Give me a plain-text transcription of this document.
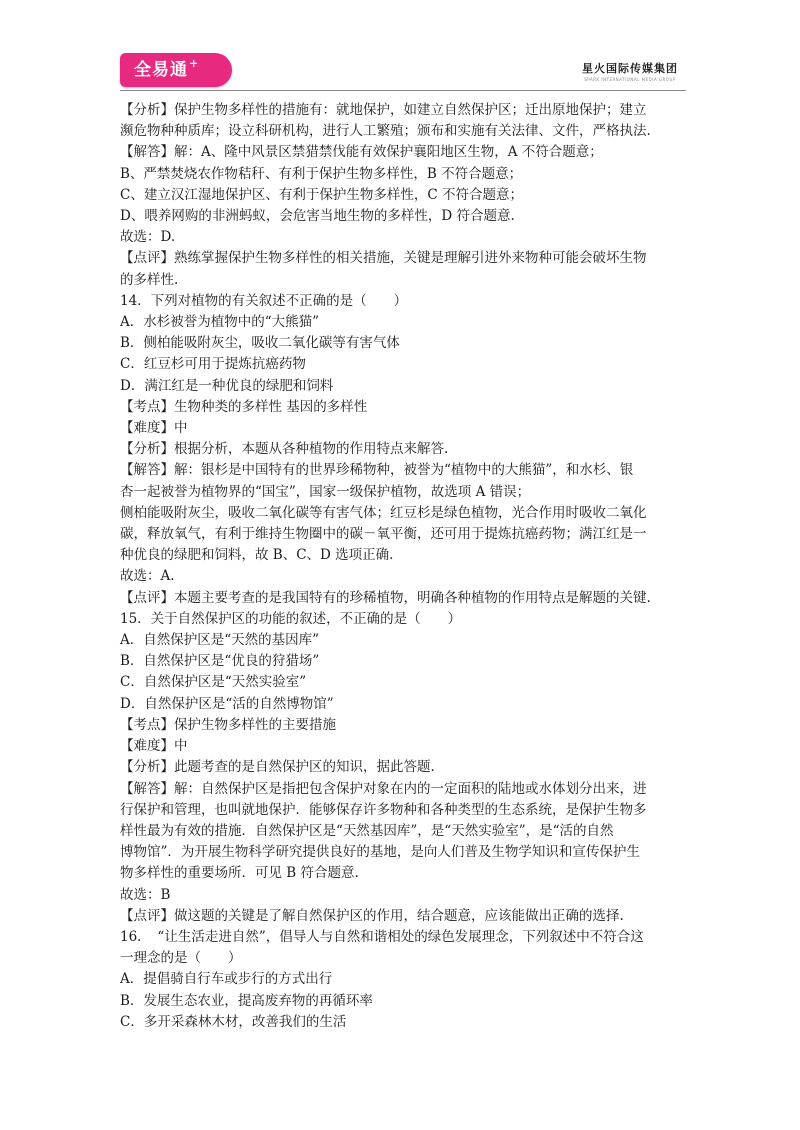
全易通+	星火国际传媒集团
SPARK INTERNATIONAL MEDIA GROUP
【分析】保护生物多样性的措施有：就地保护，如建立自然保护区；迁出原地保护；建立
濒危物种种质库；设立科研机构，进行人工繁殖；颁布和实施有关法律、文件，严格执法.
【解答】解：A、隆中风景区禁猎禁伐能有效保护襄阳地区生物，A 不符合题意；
B、严禁焚烧农作物秸秆、有利于保护生物多样性，B 不符合题意；
C、建立汉江湿地保护区、有利于保护生物多样性，C 不符合题意；
D、喂养网购的非洲蚂蚁，会危害当地生物的多样性，D 符合题意.
故选：D.
【点评】熟练掌握保护生物多样性的相关措施，关键是理解引进外来物种可能会破坏生物
的多样性.
14．下列对植物的有关叙述不正确的是（　　）
A．水杉被誉为植物中的“大熊猫”
B．侧柏能吸附灰尘，吸收二氧化碳等有害气体
C．红豆杉可用于提炼抗癌药物
D．满江红是一种优良的绿肥和饲料
【考点】生物种类的多样性 基因的多样性
【难度】中
【分析】根据分析，本题从各种植物的作用特点来解答.
【解答】解：银杉是中国特有的世界珍稀物种，被誉为“植物中的大熊猫”，和水杉、银
杏一起被誉为植物界的“国宝”，国家一级保护植物，故选项 A 错误；
侧柏能吸附灰尘，吸收二氧化碳等有害气体；红豆杉是绿色植物，光合作用时吸收二氧化
碳，释放氧气，有利于维持生物圈中的碳－氧平衡，还可用于提炼抗癌药物；满江红是一
种优良的绿肥和饲料，故 B、C、D 选项正确.
故选：A.
【点评】本题主要考查的是我国特有的珍稀植物，明确各种植物的作用特点是解题的关键.
15．关于自然保护区的功能的叙述，不正确的是（　　）
A．自然保护区是“天然的基因库”
B．自然保护区是“优良的狩猎场”
C．自然保护区是“天然实验室”
D．自然保护区是“活的自然博物馆”
【考点】保护生物多样性的主要措施
【难度】中
【分析】此题考查的是自然保护区的知识，据此答题.
【解答】解：自然保护区是指把包含保护对象在内的一定面积的陆地或水体划分出来，进
行保护和管理，也叫就地保护．能够保存许多物种和各种类型的生态系统，是保护生物多
样性最为有效的措施．自然保护区是“天然基因库”，是“天然实验室”，是“活的自然
博物馆”．为开展生物科学研究提供良好的基地，是向人们普及生物学知识和宣传保护生
物多样性的重要场所．可见 B 符合题意.
故选：B
【点评】做这题的关键是了解自然保护区的作用，结合题意，应该能做出正确的选择.
16．　“让生活走进自然”，倡导人与自然和谐相处的绿色发展理念，下列叙述中不符合这
一理念的是（　　）
A．提倡骑自行车或步行的方式出行
B．发展生态农业，提高废弃物的再循环率
C．多开采森林木材，改善我们的生活
